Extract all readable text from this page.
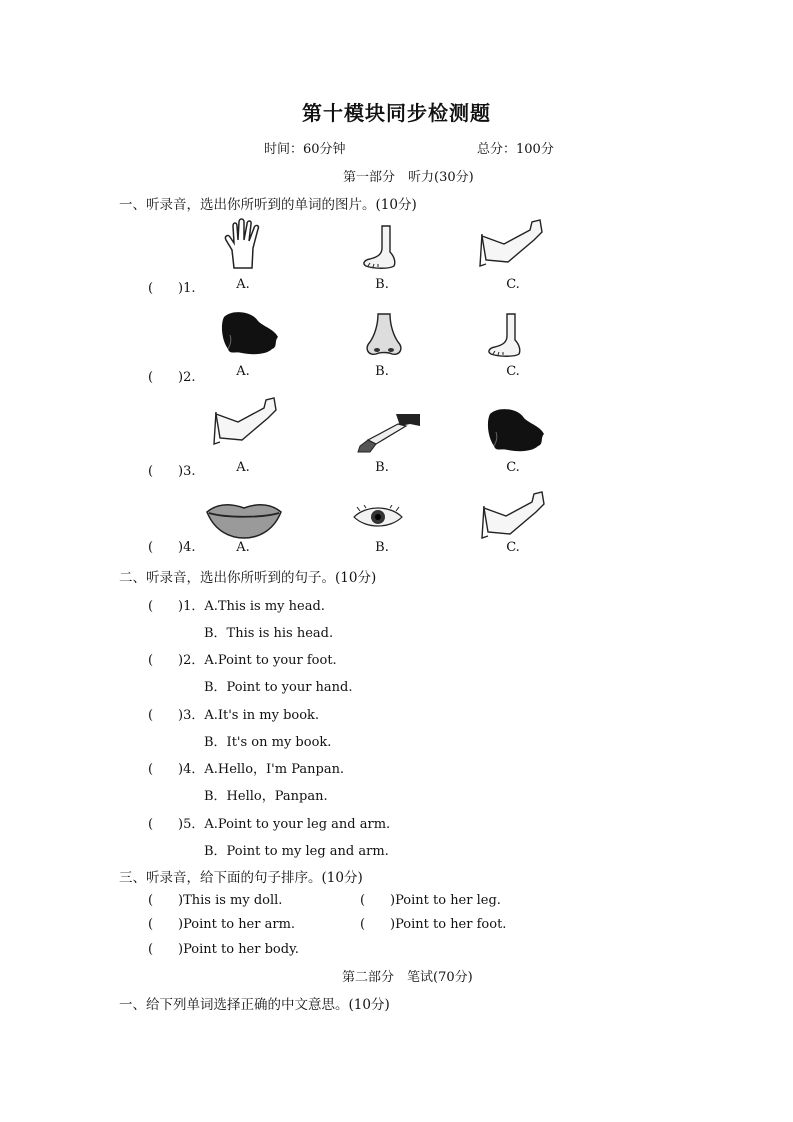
第十模块同步检测题
时间：60分钟	总分：100分
第一部分　听力(30分)
一、听录音，选出你所听到的单词的图片。(10分)
( )1.	A.	B.	C.
( )2.	A.	B.	C.
( )3.	A.	B.	C.
( )4.	A.	B.	C.
二、听录音，选出你所听到的句子。(10分)
( )1．A.This is my head.
B．This is his head.
( )2．A.Point to your foot.
B．Point to your hand.
( )3．A.It's in my book.
B．It's on my book.
( )4．A.Hello，I'm Panpan.
B．Hello，Panpan.
( )5．A.Point to your leg and arm.
B．Point to my leg and arm.
三、听录音，给下面的句子排序。(10分)
( )This is my doll.	( )Point to her leg.
( )Point to her arm.	( )Point to her foot.
( )Point to her body.
第二部分　笔试(70分)
一、给下列单词选择正确的中文意思。(10分)
